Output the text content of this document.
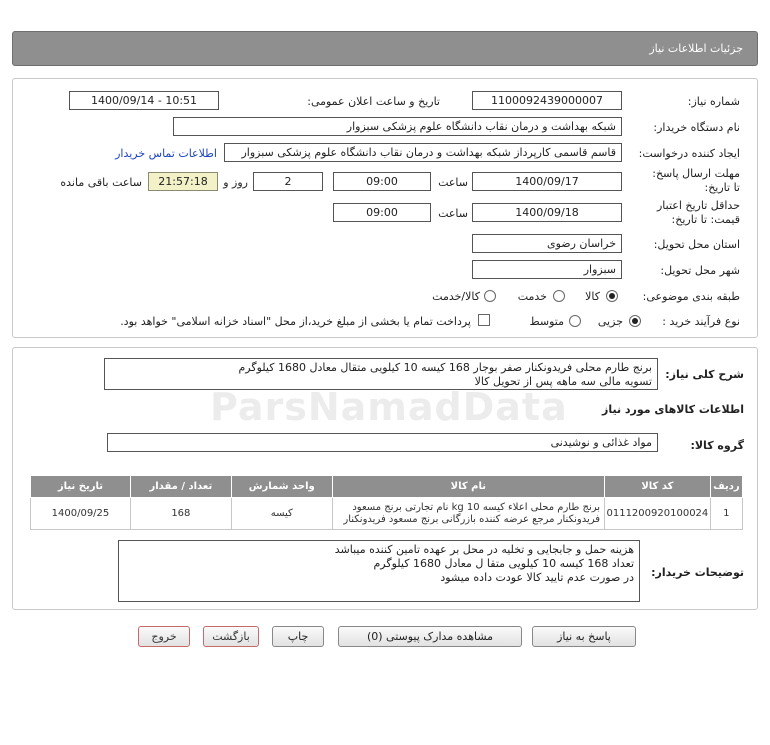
جزئیات اطلاعات نیاز
شماره نیاز:
1100092439000007
تاریخ و ساعت اعلان عمومی:
1400/09/14 - 10:51
نام دستگاه خریدار:
شبکه بهداشت و درمان نقاب دانشگاه علوم پزشکی سبزوار
ایجاد کننده درخواست:
قاسم قاسمی کارپرداز شبکه بهداشت و درمان نقاب دانشگاه علوم پزشکی سبزوار
اطلاعات تماس خریدار
مهلت ارسال پاسخ: تا تاریخ:
1400/09/17
ساعت
09:00
2
روز و
21:57:18
ساعت باقی مانده
حداقل تاریخ اعتبار قیمت: تا تاریخ:
1400/09/18
ساعت
09:00
استان محل تحویل:
خراسان رضوی
شهر محل تحویل:
سبزوار
طبقه بندی موضوعی:
کالا
خدمت
کالا/خدمت
نوع فرآیند خرید :
جزیی
متوسط
پرداخت تمام یا بخشی از مبلغ خرید،از محل "اسناد خزانه اسلامی" خواهد بود.
شرح کلی نیاز:
برنج طارم محلی فریدونکنار صفر بوجار 168 کیسه 10 کیلویی متقال معادل 1680 کیلوگرم
تسویه مالی سه ماهه پس از تحویل کالا
ParsNamadData	اطلاعات کالاهای مورد نیاز
گروه کالا:
مواد غذائی و نوشیدنی
ردیف	کد کالا	نام کالا	واحد شمارش	تعداد / مقدار	تاریخ نیاز
1	0111200920100024	برنج طارم محلی اعلاء کیسه 10 kg نام تجارتی برنج مسعود
فریدونکنار مرجع عرضه کننده بازرگانی برنج مسعود فریدونکنار	کیسه	168	1400/09/25
توضیحات خریدار:
هزینه حمل و جابجایی و تخلیه در محل بر عهده تامین کننده میباشد
تعداد 168 کیسه 10 کیلویی متقا ل معادل 1680 کیلوگرم
در صورت عدم تایید کالا عودت داده میشود
پاسخ به نیاز
مشاهده مدارک پیوستی (0)
چاپ
بازگشت
خروج
